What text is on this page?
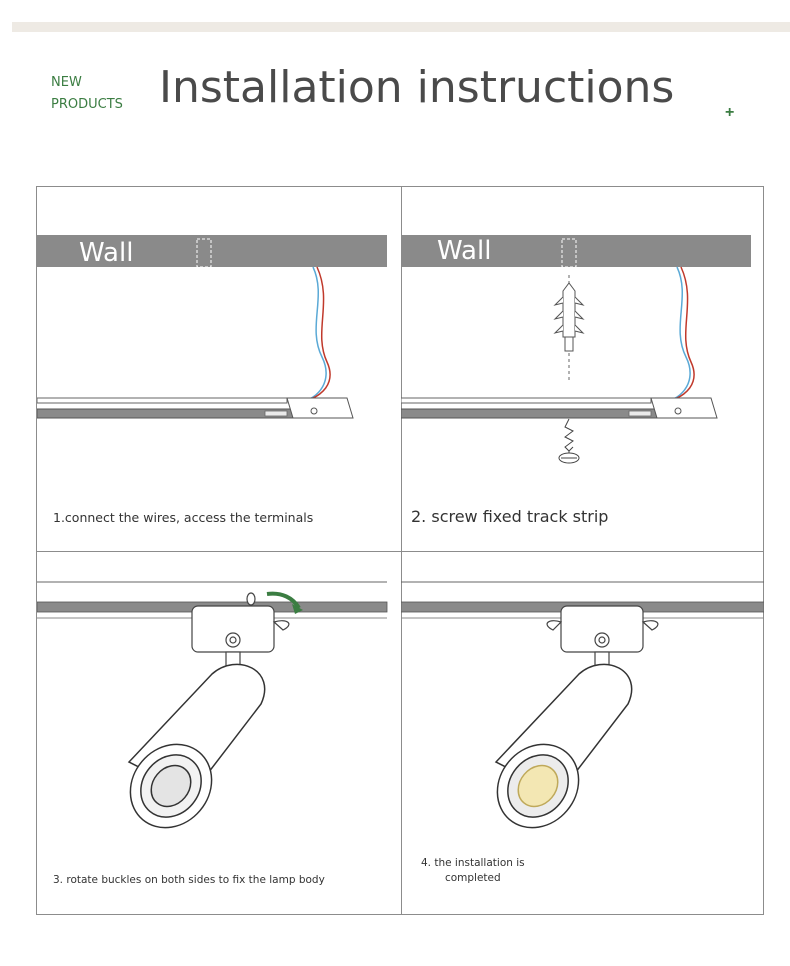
NEW
PRODUCTS Installation instructions	+
Wall
1.connect the wires, access the terminals
Wall
2. screw fixed track strip
3. rotate buckles on both sides to fix the lamp body
4. the installation is
completed
